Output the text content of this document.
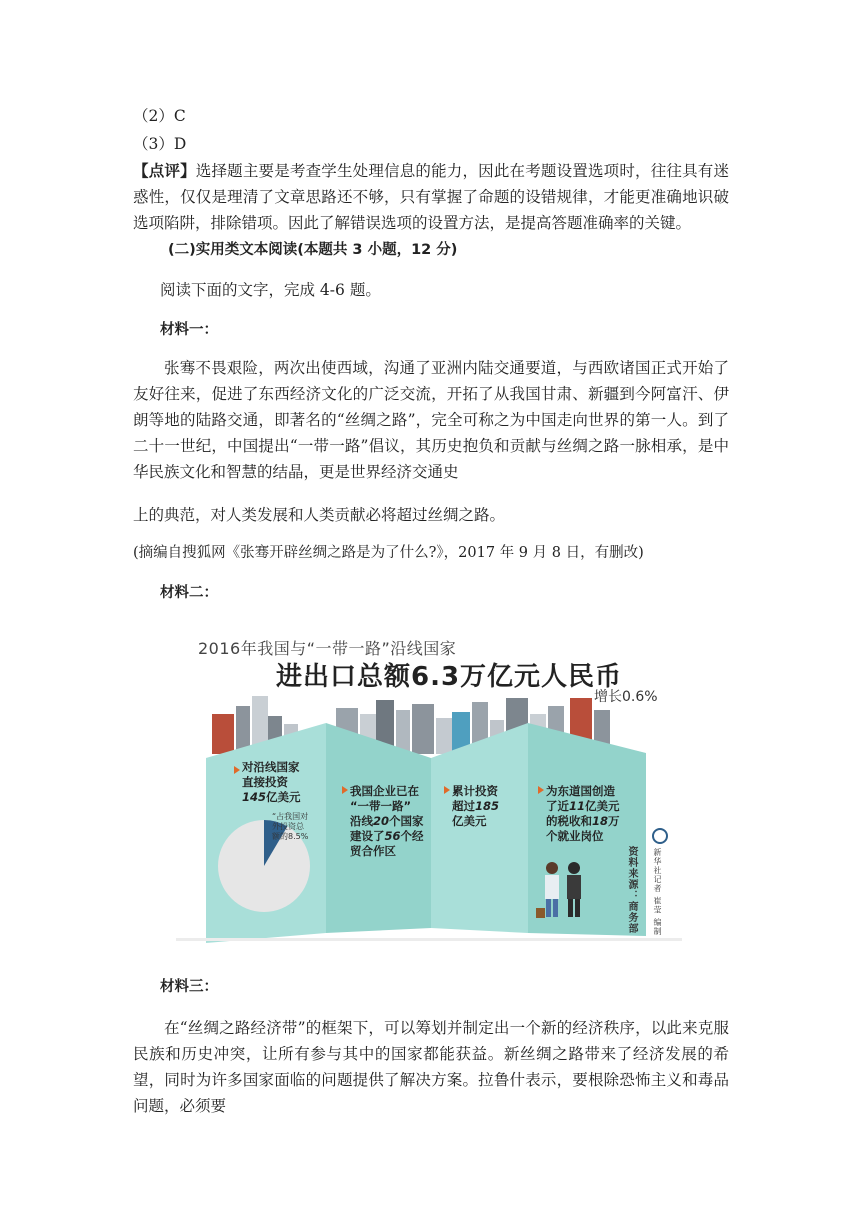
（2）C
（3）D
【点评】选择题主要是考查学生处理信息的能力，因此在考题设置选项时，往往具有迷惑性，仅仅是理清了文章思路还不够，只有掌握了命题的设错规律，才能更准确地识破选项陷阱，排除错项。因此了解错误选项的设置方法，是提高答题准确率的关键。
(二)实用类文本阅读(本题共 3 小题，12 分)
阅读下面的文字，完成 4-6 题。
材料一：
张骞不畏艰险，两次出使西域，沟通了亚洲内陆交通要道，与西欧诸国正式开始了友好往来，促进了东西经济文化的广泛交流，开拓了从我国甘肃、新疆到今阿富汗、伊朗等地的陆路交通，即著名的“丝绸之路”，完全可称之为中国走向世界的第一人。到了二十一世纪，中国提出“一带一路”倡议，其历史抱负和贡献与丝绸之路一脉相承，是中华民族文化和智慧的结晶，更是世界经济交通史
上的典范，对人类发展和人类贡献必将超过丝绸之路。
(摘编自搜狐网《张骞开辟丝绸之路是为了什么?》，2017 年 9 月 8 日，有删改)
材料二：
2016年我国与“一带一路”沿线国家
进出口总额6.3万亿元人民币
增长0.6%
对沿线国家
直接投资
145亿美元
“占我国对
外投资总
额的8.5%
我国企业已在
“一带一路”
沿线20个国家
建设了56个经
贸合作区
累计投资
超过185
亿美元
为东道国创造
了近11亿美元
的税收和18万
个就业岗位
资料来源：商务部 新华社记者 崔莹 编制
材料三：
在“丝绸之路经济带”的框架下，可以筹划并制定出一个新的经济秩序，以此来克服民族和历史冲突，让所有参与其中的国家都能获益。新丝绸之路带来了经济发展的希望，同时为许多国家面临的问题提供了解决方案。拉鲁什表示，要根除恐怖主义和毒品问题，必须要
